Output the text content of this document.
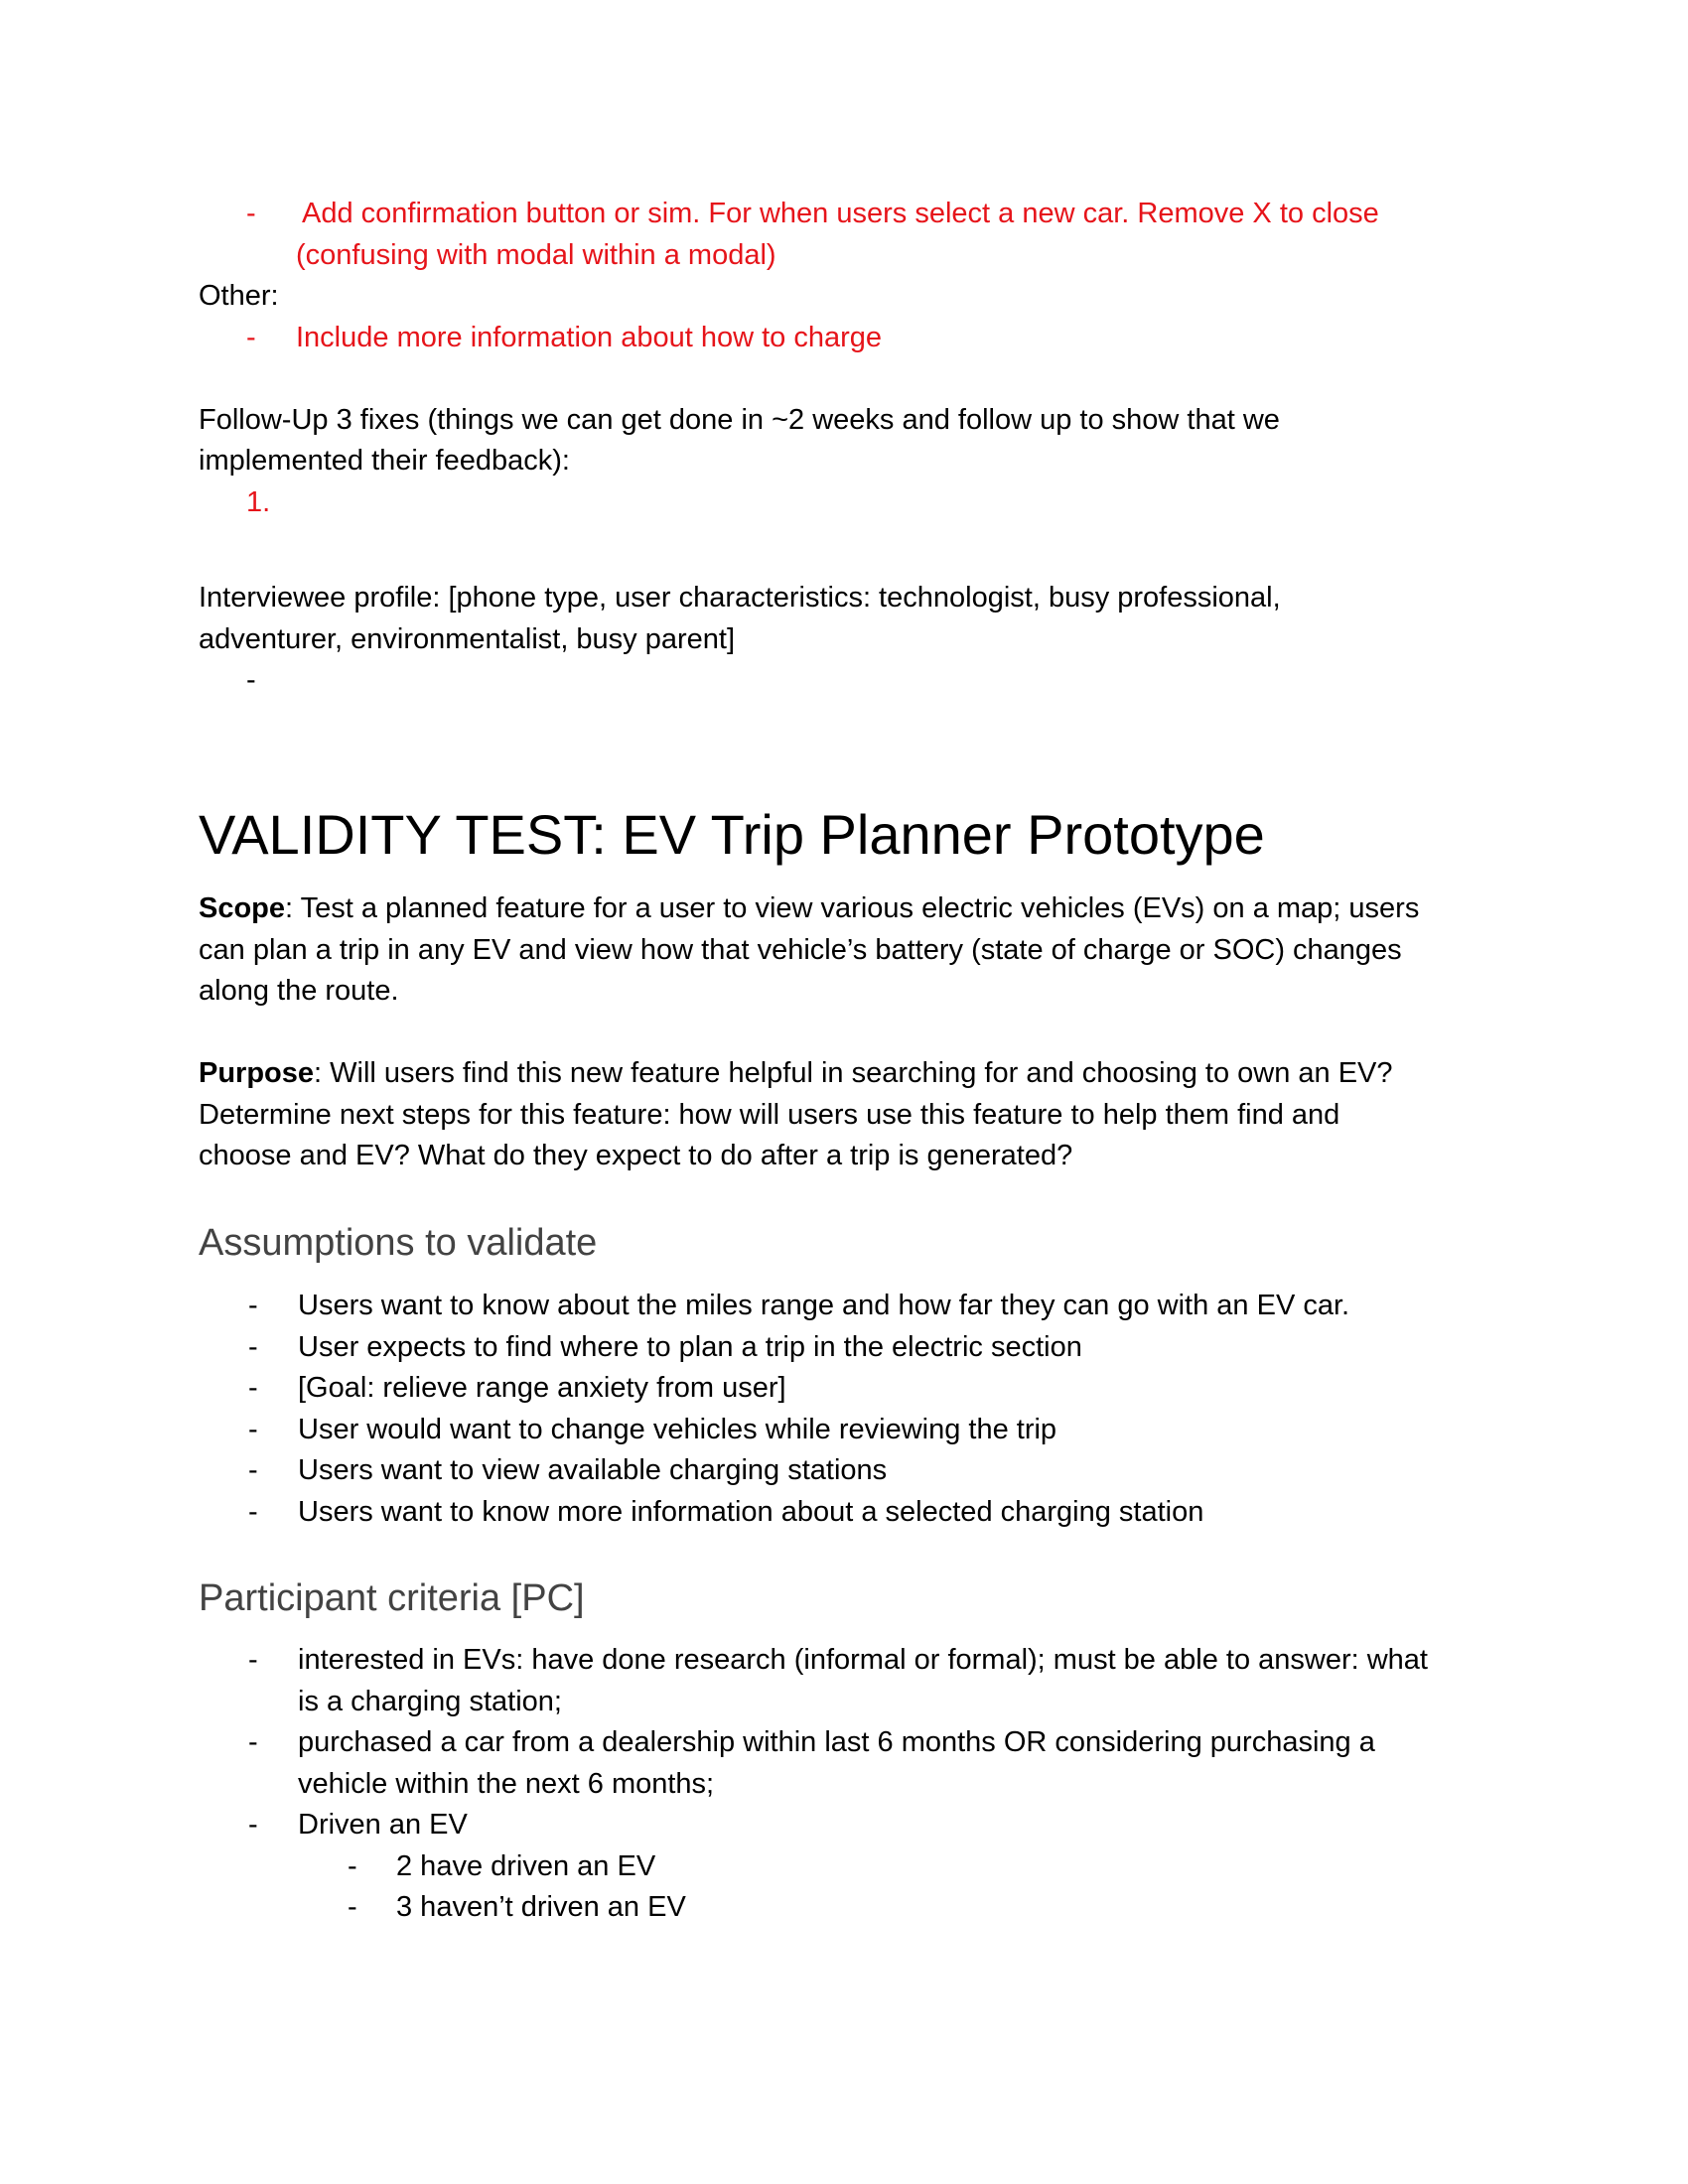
- Add confirmation button or sim. For when users select a new car. Remove X to close
(confusing with modal within a modal)
Other:
- Include more information about how to charge
Follow-Up 3 fixes (things we can get done in ~2 weeks and follow up to show that we
implemented their feedback):
1.
Interviewee profile: [phone type, user characteristics: technologist, busy professional,
adventurer, environmentalist, busy parent]
-
VALIDITY TEST: EV Trip Planner Prototype
Scope: Test a planned feature for a user to view various electric vehicles (EVs) on a map; users
can plan a trip in any EV and view how that vehicle’s battery (state of charge or SOC) changes
along the route.
Purpose: Will users find this new feature helpful in searching for and choosing to own an EV?
Determine next steps for this feature: how will users use this feature to help them find and
choose and EV? What do they expect to do after a trip is generated?
Assumptions to validate
- Users want to know about the miles range and how far they can go with an EV car.
- User expects to find where to plan a trip in the electric section
- [Goal: relieve range anxiety from user]
- User would want to change vehicles while reviewing the trip
- Users want to view available charging stations
- Users want to know more information about a selected charging station
Participant criteria [PC]
- interested in EVs: have done research (informal or formal); must be able to answer: what
is a charging station;
- purchased a car from a dealership within last 6 months OR considering purchasing a
vehicle within the next 6 months;
- Driven an EV
- 2 have driven an EV
- 3 haven’t driven an EV
